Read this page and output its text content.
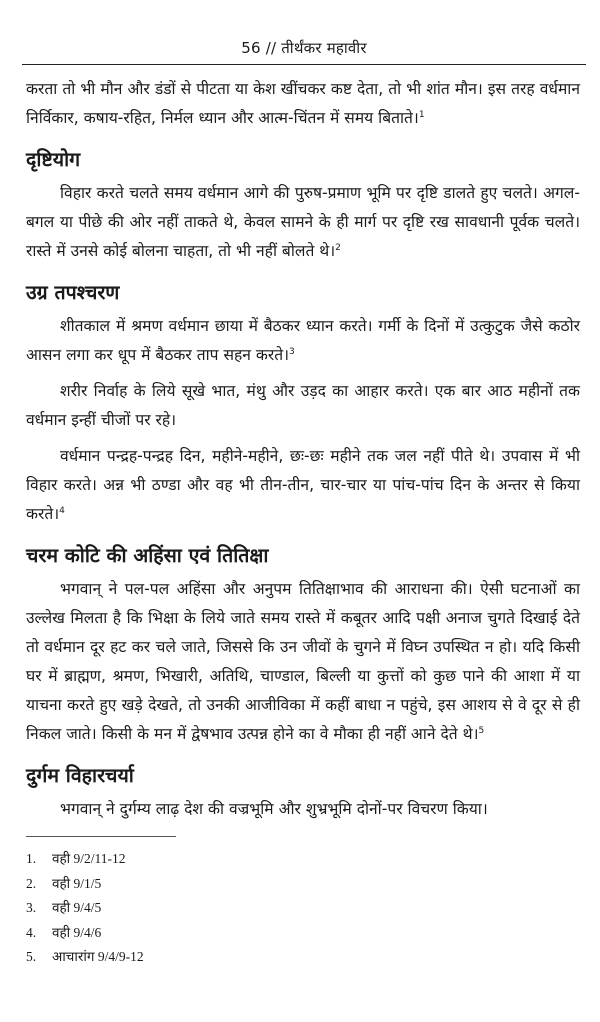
56 // तीर्थंकर महावीर

करता तो भी मौन और डंडों से पीटता या केश खींचकर कष्ट देता, तो भी शांत मौन। इस तरह वर्धमान निर्विकार, कषाय-रहित, निर्मल ध्यान और आत्म-चिंतन में समय बिताते।$^1$

दृष्टियोग

विहार करते चलते समय वर्धमान आगे की पुरुष-प्रमाण भूमि पर दृष्टि डालते हुए चलते। अगल-बगल या पीछे की ओर नहीं ताकते थे, केवल सामने के ही मार्ग पर दृष्टि रख सावधानी पूर्वक चलते। रास्ते में उनसे कोई बोलना चाहता, तो भी नहीं बोलते थे।$^2$

उग्र तपश्चरण

शीतकाल में श्रमण वर्धमान छाया में बैठकर ध्यान करते। गर्मी के दिनों में उत्कुटुक जैसे कठोर आसन लगा कर धूप में बैठकर ताप सहन करते।$^3$

शरीर निर्वाह के लिये सूखे भात, मंथु और उड़द का आहार करते। एक बार आठ महीनों तक वर्धमान इन्हीं चीजों पर रहे।

वर्धमान पन्द्रह-पन्द्रह दिन, महीने-महीने, छः-छः महीने तक जल नहीं पीते थे। उपवास में भी विहार करते। अन्न भी ठण्डा और वह भी तीन-तीन, चार-चार या पांच-पांच दिन के अन्तर से किया करते।$^4$

चरम कोटि की अहिंसा एवं तितिक्षा

भगवान् ने पल-पल अहिंसा और अनुपम तितिक्षाभाव की आराधना की। ऐसी घटनाओं का उल्लेख मिलता है कि भिक्षा के लिये जाते समय रास्ते में कबूतर आदि पक्षी अनाज चुगते दिखाई देते तो वर्धमान दूर हट कर चले जाते, जिससे कि उन जीवों के चुगने में विघ्न उपस्थित न हो। यदि किसी घर में ब्राह्मण, श्रमण, भिखारी, अतिथि, चाण्डाल, बिल्ली या कुत्तों को कुछ पाने की आशा में या याचना करते हुए खड़े देखते, तो उनकी आजीविका में कहीं बाधा न पहुंचे, इस आशय से वे दूर से ही निकल जाते। किसी के मन में द्वेषभाव उत्पन्न होने का वे मौका ही नहीं आने देते थे।$^5$

दुर्गम विहारचर्या

भगवान् ने दुर्गम्य लाढ़ देश की वज्रभूमि और शुभ्रभूमि दोनों-पर विचरण किया।

1. वही 9/2/11-12
2. वही 9/1/5
3. वही 9/4/5
4. वही 9/4/6
5. आचारांग 9/4/9-12
